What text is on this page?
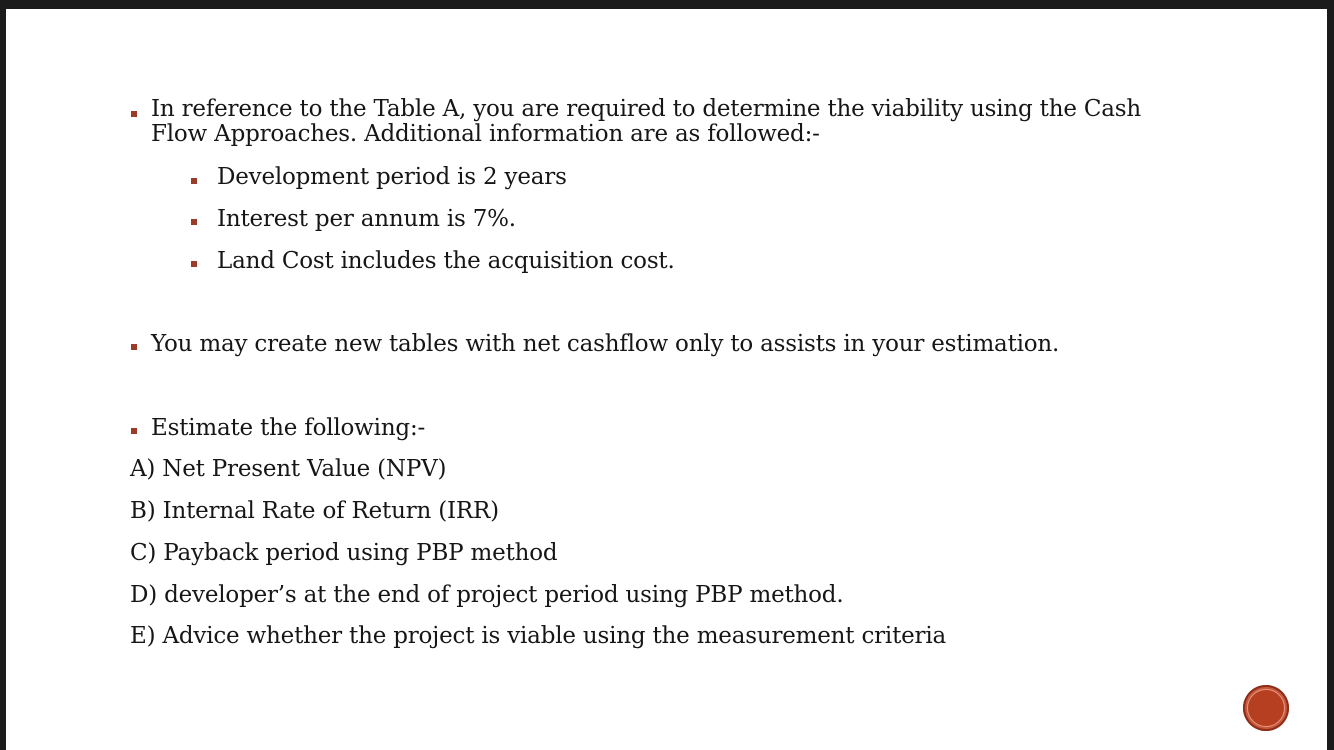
In reference to the Table A, you are required to determine the viability using the Cash
Flow Approaches. Additional information are as followed:-
Development period is 2 years
Interest per annum is 7%.
Land Cost includes the acquisition cost.
You may create new tables with net cashflow only to assists in your estimation.
Estimate the following:-
A) Net Present Value (NPV)
B) Internal Rate of Return (IRR)
C) Payback period using PBP method
D) developer’s at the end of project period using PBP method.
E) Advice whether the project is viable using the measurement criteria
